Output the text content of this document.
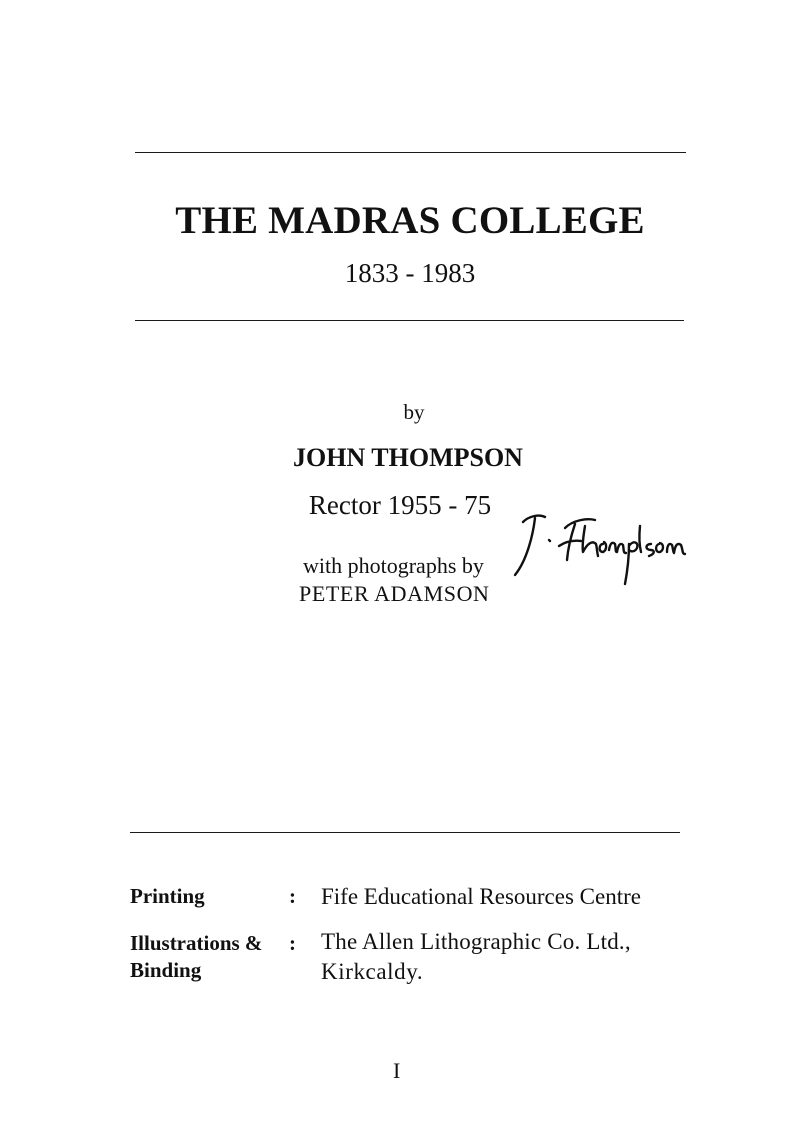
THE MADRAS COLLEGE
1833 - 1983
by
JOHN THOMPSON
Rector 1955 - 75
with photographs by
PETER ADAMSON
Printing	: Fife Educational Resources Centre
Illustrations &
Binding
: The Allen Lithographic Co. Ltd.,
Kirkcaldy.
I
